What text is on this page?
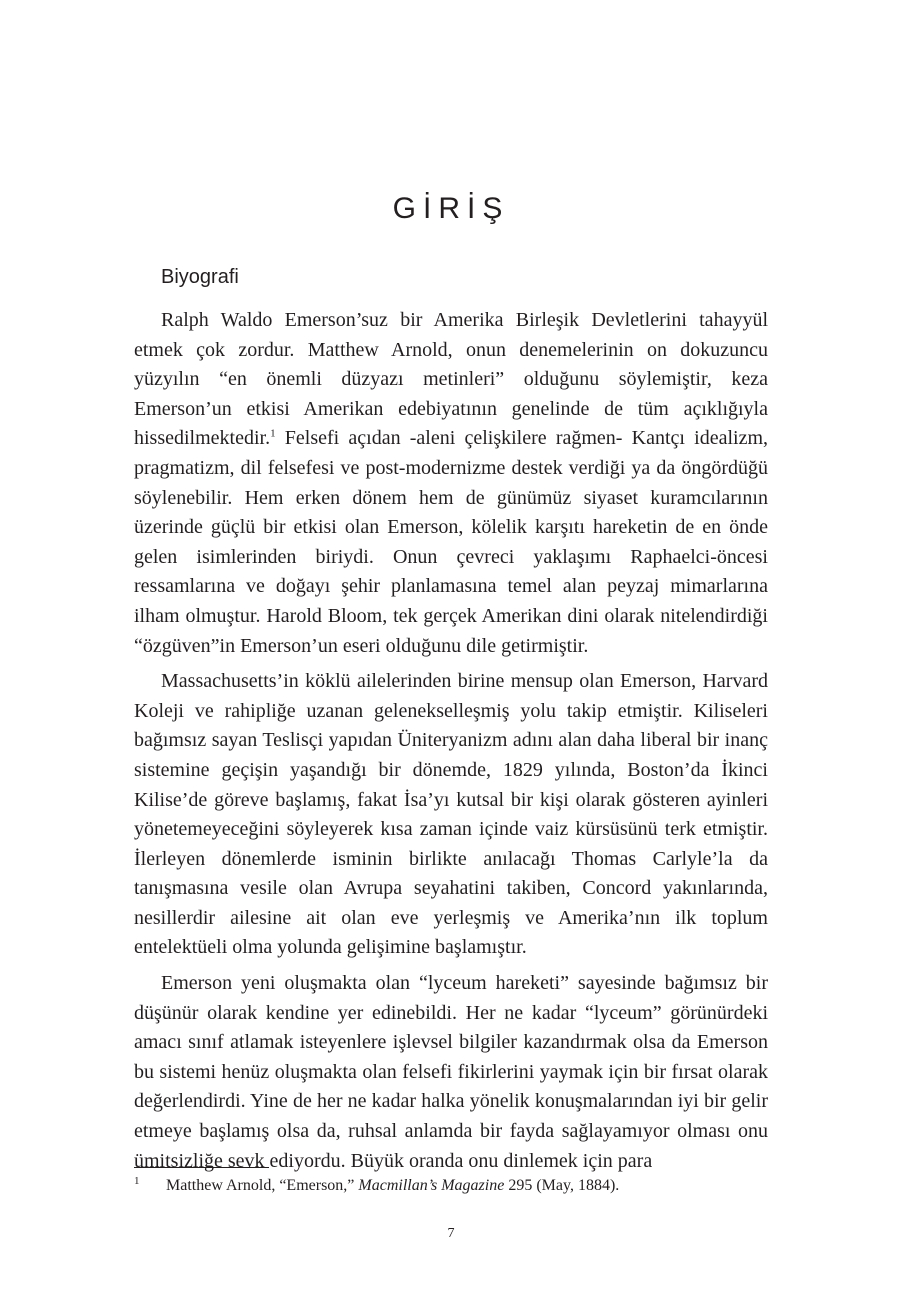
GİRİŞ
Biyografi

Ralph Waldo Emerson’suz bir Amerika Birleşik Devletlerini tahayyül etmek çok zordur. Matthew Arnold, onun denemelerinin on dokuzuncu yüzyılın “en önemli düzyazı metinleri” olduğunu söylemiştir, keza Emerson’un etkisi Amerikan edebiyatının genelinde de tüm açıklığıyla hissedilmektedir.$^1$ Felsefi açıdan -aleni çelişkilere rağmen- Kantçı idealizm, pragmatizm, dil felsefesi ve post-modernizme destek verdiği ya da öngördüğü söylenebilir. Hem erken dönem hem de günümüz siyaset kuramcılarının üzerinde güçlü bir etkisi olan Emerson, kölelik karşıtı hareketin de en önde gelen isimlerinden biriydi. Onun çevreci yaklaşımı Raphaelci-öncesi ressamlarına ve doğayı şehir planlamasına temel alan peyzaj mimarlarına ilham olmuştur. Harold Bloom, tek gerçek Amerikan dini olarak nitelendirdiği “özgüven”in Emerson’un eseri olduğunu dile getirmiştir.

Massachusetts’in köklü ailelerinden birine mensup olan Emerson, Harvard Koleji ve rahipliğe uzanan gelenekselleşmiş yolu takip etmiştir. Kiliseleri bağımsız sayan Teslisçi yapıdan Üniteryanizm adını alan daha liberal bir inanç sistemine geçişin yaşandığı bir dönemde, 1829 yılında, Boston’da İkinci Kilise’de göreve başlamış, fakat İsa’yı kutsal bir kişi olarak gösteren ayinleri yönetemeyeceğini söyleyerek kısa zaman içinde vaiz kürsüsünü terk etmiştir. İlerleyen dönemlerde isminin birlikte anılacağı Thomas Carlyle’la da tanışmasına vesile olan Avrupa seyahatini takiben, Concord yakınlarında, nesillerdir ailesine ait olan eve yerleşmiş ve Amerika’nın ilk toplum entelektüeli olma yolunda gelişimine başlamıştır.

Emerson yeni oluşmakta olan “lyceum hareketi” sayesinde bağımsız bir düşünür olarak kendine yer edinebildi. Her ne kadar “lyceum” görünürdeki amacı sınıf atlamak isteyenlere işlevsel bilgiler kazandırmak olsa da Emerson bu sistemi henüz oluşmakta olan felsefi fikirlerini yaymak için bir fırsat olarak değerlendirdi. Yine de her ne kadar halka yönelik konuşmalarından iyi bir gelir etmeye başlamış olsa da, ruhsal anlamda bir fayda sağlayamıyor olması onu ümitsizliğe sevk ediyordu. Büyük oranda onu dinlemek için para

1 Matthew Arnold, “Emerson,” Macmillan’s Magazine 295 (May, 1884).
7
